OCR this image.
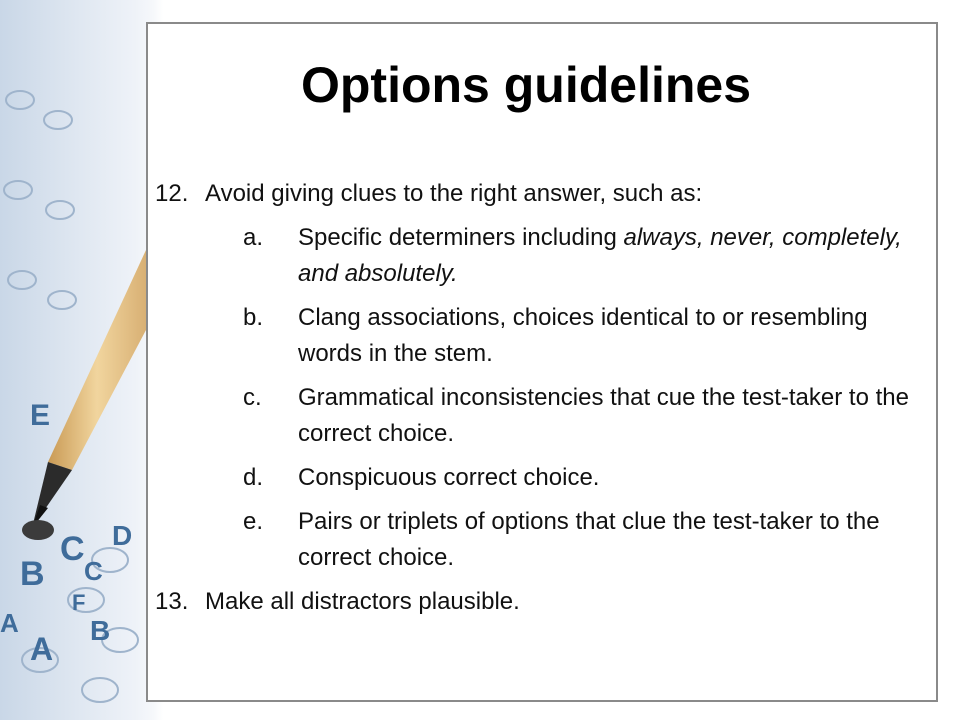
E
C D
B C
A
B
F
A
Options guidelines
12. Avoid giving clues to the right answer, such as:
a.	Specific determiners including always, never, completely, and absolutely.
b.	Clang associations, choices identical to or resembling words in the stem.
c.	Grammatical inconsistencies that cue the test-taker to the correct choice.
d.	Conspicuous correct choice.
e.	Pairs or triplets of options that clue the test-taker to the correct choice.
13. Make all distractors plausible.
